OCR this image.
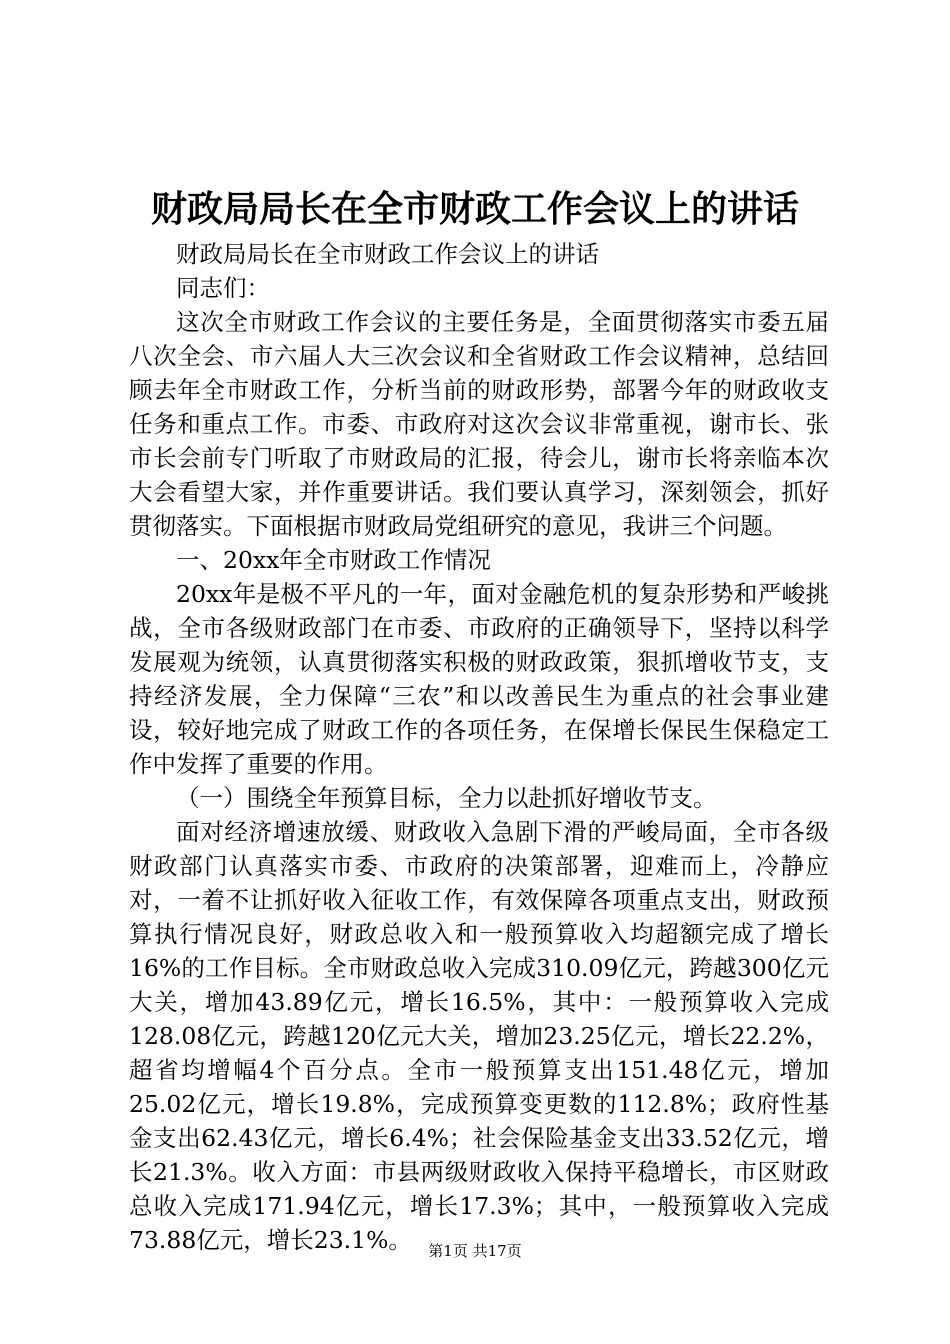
财政局局长在全市财政工作会议上的讲话

财政局局长在全市财政工作会议上的讲话

同志们：

这次全市财政工作会议的主要任务是，全面贯彻落实市委五届八次全会、市六届人大三次会议和全省财政工作会议精神，总结回顾去年全市财政工作，分析当前的财政形势，部署今年的财政收支任务和重点工作。市委、市政府对这次会议非常重视，谢市长、张市长会前专门听取了市财政局的汇报，待会儿，谢市长将亲临本次大会看望大家，并作重要讲话。我们要认真学习，深刻领会，抓好贯彻落实。下面根据市财政局党组研究的意见，我讲三个问题。

一、20xx年全市财政工作情况

20xx年是极不平凡的一年，面对金融危机的复杂形势和严峻挑战，全市各级财政部门在市委、市政府的正确领导下，坚持以科学发展观为统领，认真贯彻落实积极的财政政策，狠抓增收节支，支持经济发展，全力保障“三农”和以改善民生为重点的社会事业建设，较好地完成了财政工作的各项任务，在保增长保民生保稳定工作中发挥了重要的作用。

（一）围绕全年预算目标，全力以赴抓好增收节支。

面对经济增速放缓、财政收入急剧下滑的严峻局面，全市各级财政部门认真落实市委、市政府的决策部署，迎难而上，冷静应对，一着不让抓好收入征收工作，有效保障各项重点支出，财政预算执行情况良好，财政总收入和一般预算收入均超额完成了增长16%的工作目标。全市财政总收入完成310.09亿元，跨越300亿元大关，增加43.89亿元，增长16.5%，其中：一般预算收入完成128.08亿元，跨越120亿元大关，增加23.25亿元，增长22.2%，超省均增幅4个百分点。全市一般预算支出151.48亿元，增加25.02亿元，增长19.8%，完成预算变更数的112.8%；政府性基金支出62.43亿元，增长6.4%；社会保险基金支出33.52亿元，增长21.3%。收入方面：市县两级财政收入保持平稳增长，市区财政总收入完成171.94亿元，增长17.3%；其中，一般预算收入完成73.88亿元，增长23.1%。	第1页 共17页
